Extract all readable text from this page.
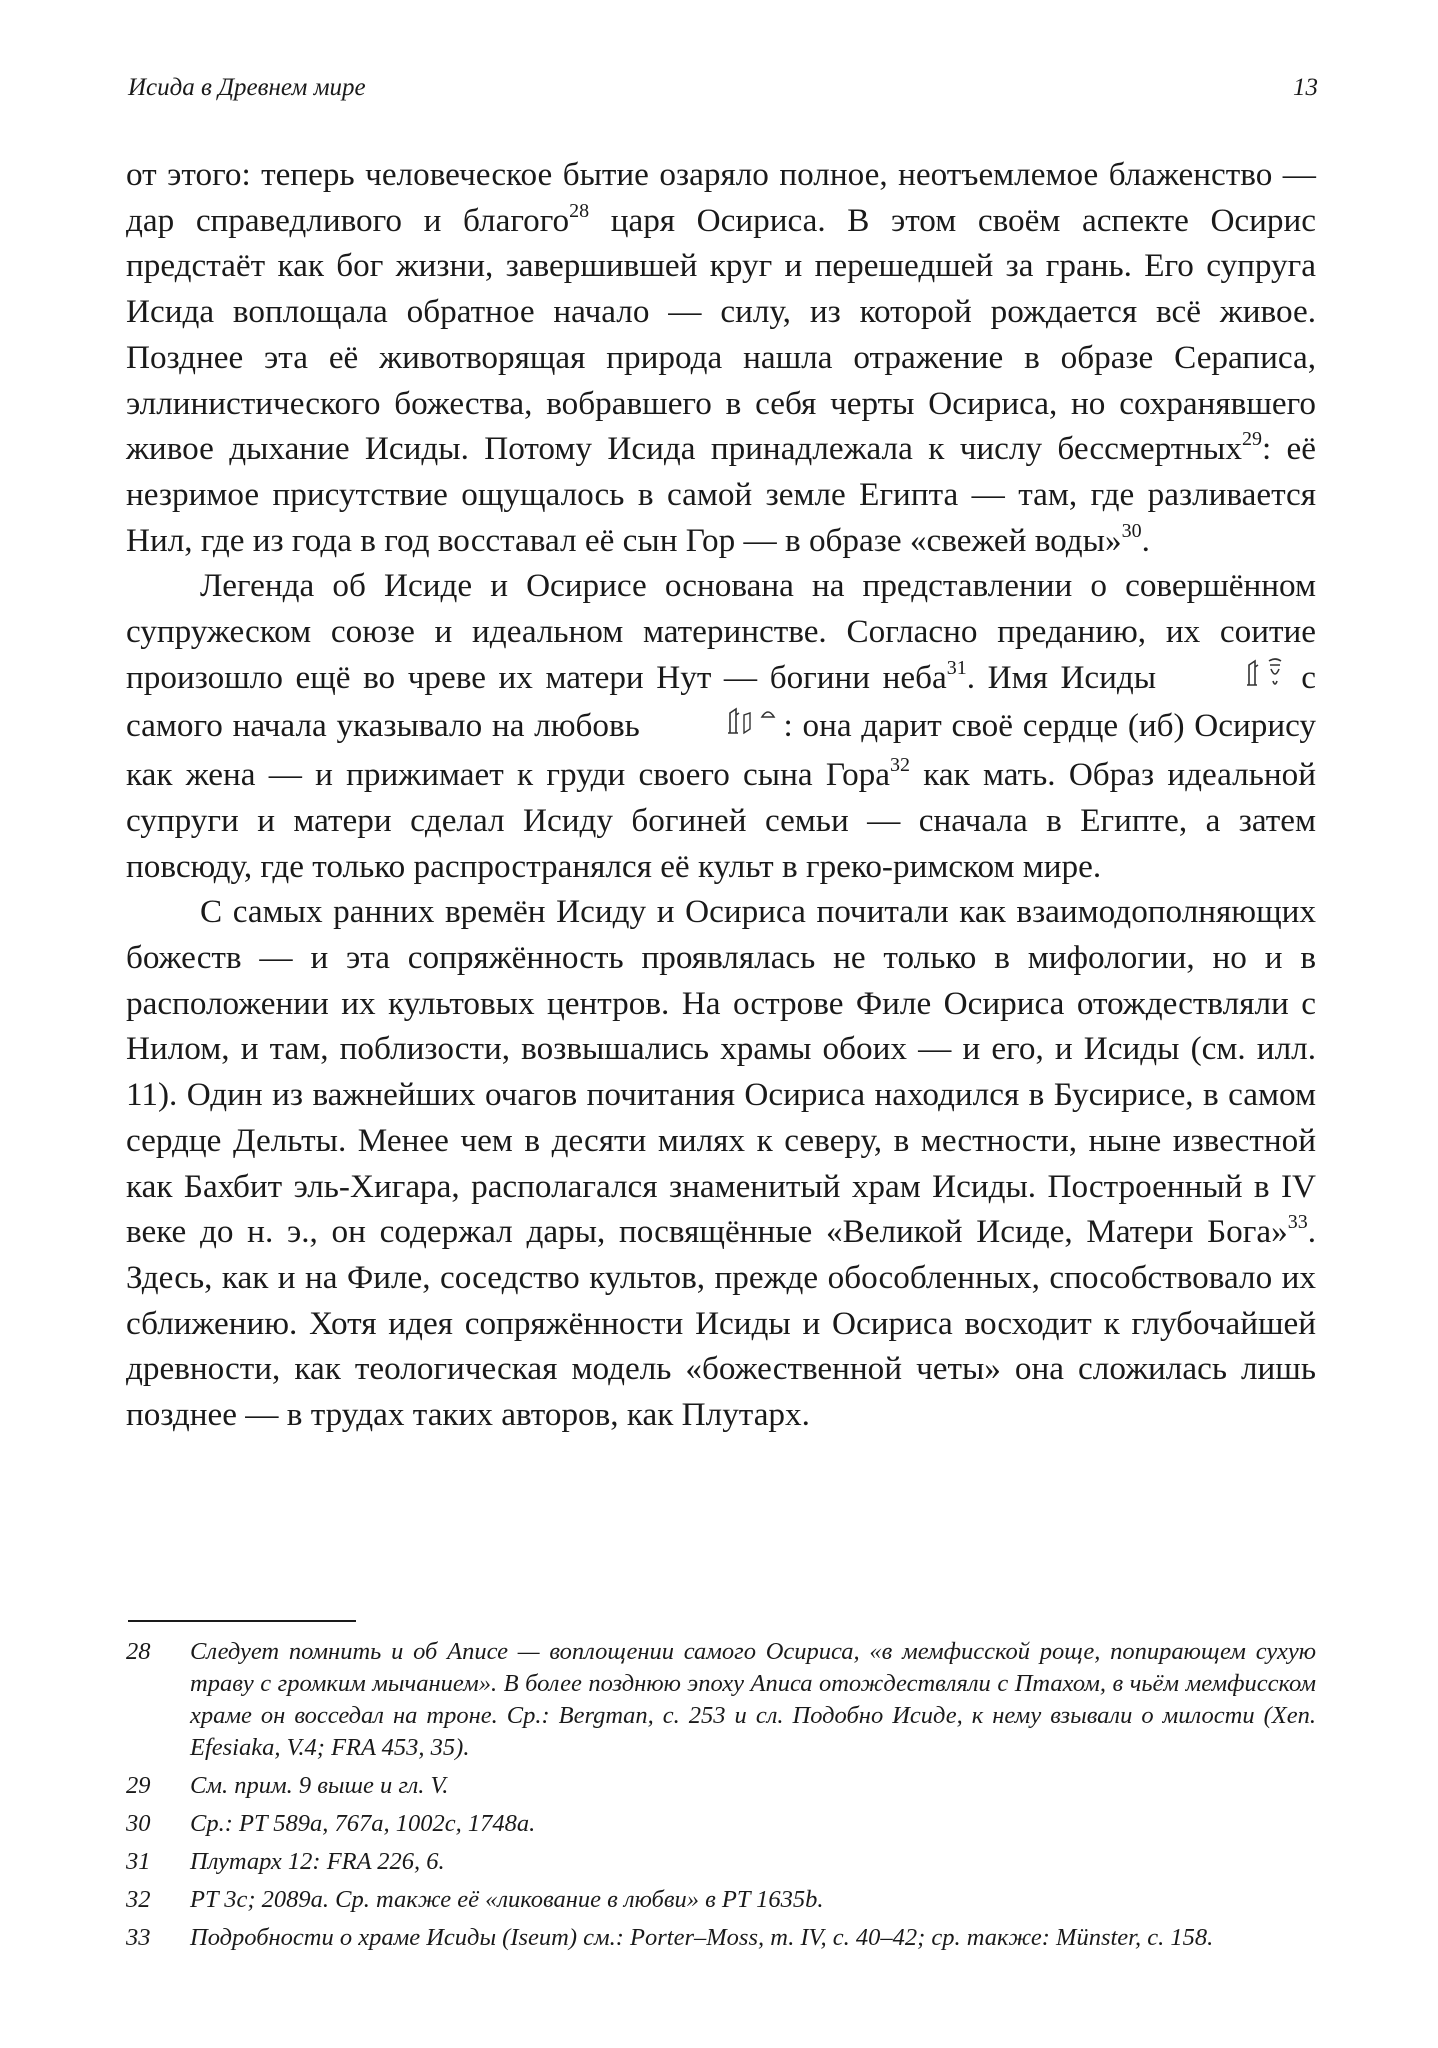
Исида в Древнем мире	13

от этого: теперь человеческое бытие озаряло полное, неотъемлемое блаженство — дар справедливого и благого$^{28}$ царя Осириса. В этом своём аспекте Осирис предстаёт как бог жизни, завершившей круг и перешедшей за грань. Его супруга Исида воплощала обратное начало — силу, из которой рождается всё живое. Позднее эта её животворящая природа нашла отражение в образе Сераписа, эллинистического божества, вобравшего в себя черты Осириса, но сохранявшего живое дыхание Исиды. Потому Исида принадлежала к числу бессмертных$^{29}$: её незримое присутствие ощущалось в самой земле Египта — там, где разливается Нил, где из года в год восставал её сын Гор — в образе «свежей воды»$^{30}$.

Легенда об Исиде и Осирисе основана на представлении о совершённом супружеском союзе и идеальном материнстве. Согласно преданию, их соитие произошло ещё во чреве их матери Нут — богини неба$^{31}$. Имя Исиды	с самого начала указывало на любовь	: она дарит своё сердце (иб) Осирису как жена — и прижимает к груди своего сына Гора$^{32}$ как мать. Образ идеальной супруги и матери сделал Исиду богиней семьи — сначала в Египте, а затем повсюду, где только распространялся её культ в греко-римском мире.

С самых ранних времён Исиду и Осириса почитали как взаимодополняющих божеств — и эта сопряжённость проявлялась не только в мифологии, но и в расположении их культовых центров. На острове Филе Осириса отождествляли с Нилом, и там, поблизости, возвышались храмы обоих — и его, и Исиды (см. илл. 11). Один из важнейших очагов почитания Осириса находился в Бусирисе, в самом сердце Дельты. Менее чем в десяти милях к северу, в местности, ныне известной как Бахбит эль-Хигара, располагался знаменитый храм Исиды. Построенный в IV веке до н. э., он содержал дары, посвящённые «Великой Исиде, Матери Бога»$^{33}$. Здесь, как и на Филе, соседство культов, прежде обособленных, способствовало их сближению. Хотя идея сопряжённости Исиды и Осириса восходит к глубочайшей древности, как теологическая модель «божественной четы» она сложилась лишь позднее — в трудах таких авторов, как Плутарх.

28	Следует помнить и об Аписе — воплощении самого Осириса, «в мемфисской роще, попирающем сухую траву с громким мычанием». В более позднюю эпоху Аписа отождествляли с Птахом, в чьём мемфисском храме он восседал на троне. Ср.: Bergman, с. 253 и сл. Подобно Исиде, к нему взывали о милости (Xen. Efesiaka, V.4; FRA 453, 35).
29	См. прим. 9 выше и гл. V.
30	Ср.: PT 589a, 767a, 1002c, 1748a.
31	Плутарх 12: FRA 226, 6.
32	PT 3c; 2089a. Ср. также её «ликование в любви» в PT 1635b.
33	Подробности о храме Исиды (Iseum) см.: Porter–Moss, т. IV, с. 40–42; ср. также: Münster, с. 158.
